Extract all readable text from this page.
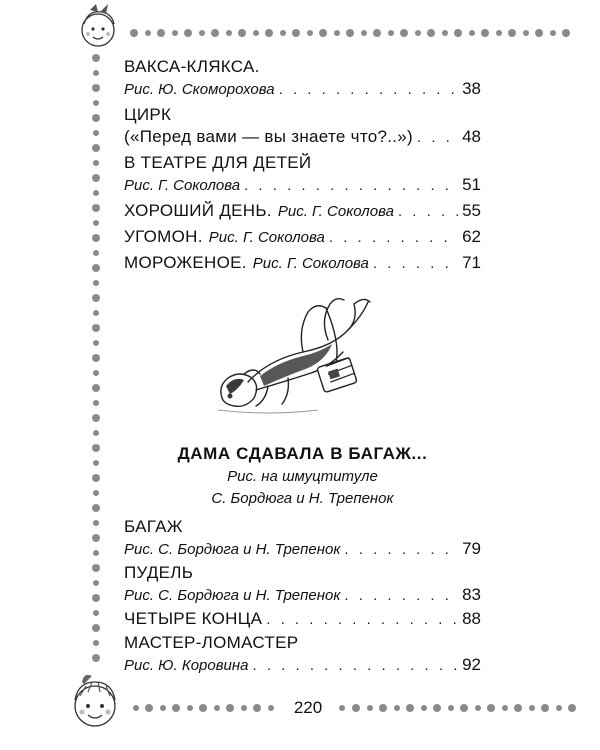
ВАКСА-КЛЯКСА.
Рис. Ю. Скоморохова . . .	38
ЦИРК
(«Перед вами — вы знаете что?..») . . .	48
В ТЕАТРЕ ДЛЯ ДЕТЕЙ
Рис. Г. Соколова . . .	51
ХОРОШИЙ ДЕНЬ. Рис. Г. Соколова . . .	55
УГОМОН. Рис. Г. Соколова . . .	62
МОРОЖЕНОЕ. Рис. Г. Соколова . . .	71
ДАМА СДАВАЛА В БАГАЖ...
Рис. на шмуцтитуле
С. Бордюга и Н. Трепенок
БАГАЖ
Рис. С. Бордюга и Н. Трепенок . . .	79
ПУДЕЛЬ
Рис. С. Бордюга и Н. Трепенок . . .	83
ЧЕТЫРЕ КОНЦА . . .	88
МАСТЕР-ЛОМАСТЕР
Рис. Ю. Коровина . . .	92
220
